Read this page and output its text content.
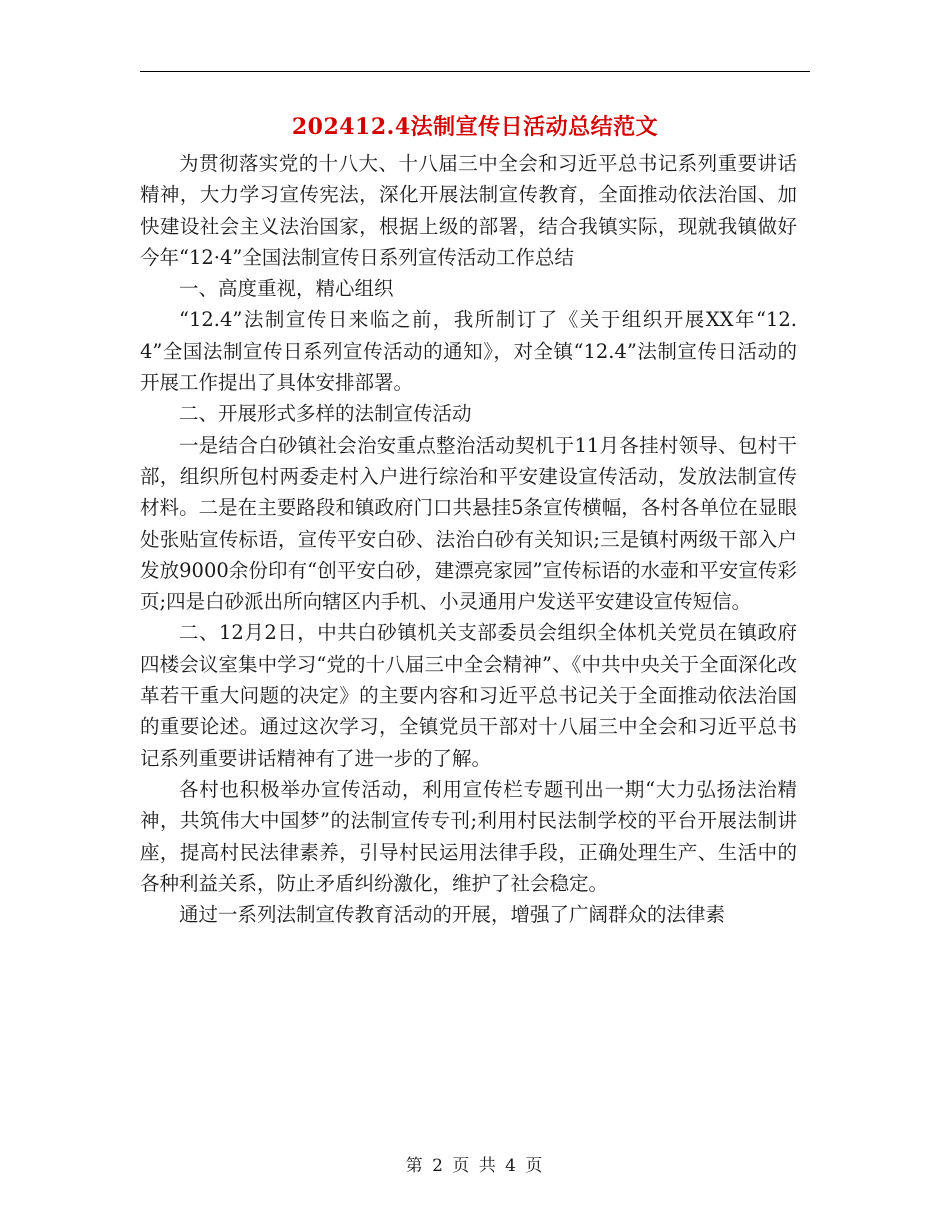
202412.4法制宣传日活动总结范文

为贯彻落实党的十八大、十八届三中全会和习近平总书记系列重要讲话精神，大力学习宣传宪法，深化开展法制宣传教育，全面推动依法治国、加快建设社会主义法治国家，根据上级的部署，结合我镇实际，现就我镇做好今年“12·4”全国法制宣传日系列宣传活动工作总结

一、高度重视，精心组织

“12.4”法制宣传日来临之前，我所制订了《关于组织开展XX年“12.4”全国法制宣传日系列宣传活动的通知》，对全镇“12.4”法制宣传日活动的开展工作提出了具体安排部署。

二、开展形式多样的法制宣传活动

一是结合白砂镇社会治安重点整治活动契机于11月各挂村领导、包村干部，组织所包村两委走村入户进行综治和平安建设宣传活动，发放法制宣传材料。二是在主要路段和镇政府门口共悬挂5条宣传横幅，各村各单位在显眼处张贴宣传标语，宣传平安白砂、法治白砂有关知识;三是镇村两级干部入户发放9000余份印有“创平安白砂，建漂亮家园”宣传标语的水壶和平安宣传彩页;四是白砂派出所向辖区内手机、小灵通用户发送平安建设宣传短信。

二、12月2日，中共白砂镇机关支部委员会组织全体机关党员在镇政府四楼会议室集中学习“党的十八届三中全会精神”、《中共中央关于全面深化改革若干重大问题的决定》的主要内容和习近平总书记关于全面推动依法治国的重要论述。通过这次学习，全镇党员干部对十八届三中全会和习近平总书记系列重要讲话精神有了进一步的了解。

各村也积极举办宣传活动，利用宣传栏专题刊出一期“大力弘扬法治精神，共筑伟大中国梦”的法制宣传专刊;利用村民法制学校的平台开展法制讲座，提高村民法律素养，引导村民运用法律手段，正确处理生产、生活中的各种利益关系，防止矛盾纠纷激化，维护了社会稳定。

通过一系列法制宣传教育活动的开展，增强了广阔群众的法律素

第 2 页 共 4 页
